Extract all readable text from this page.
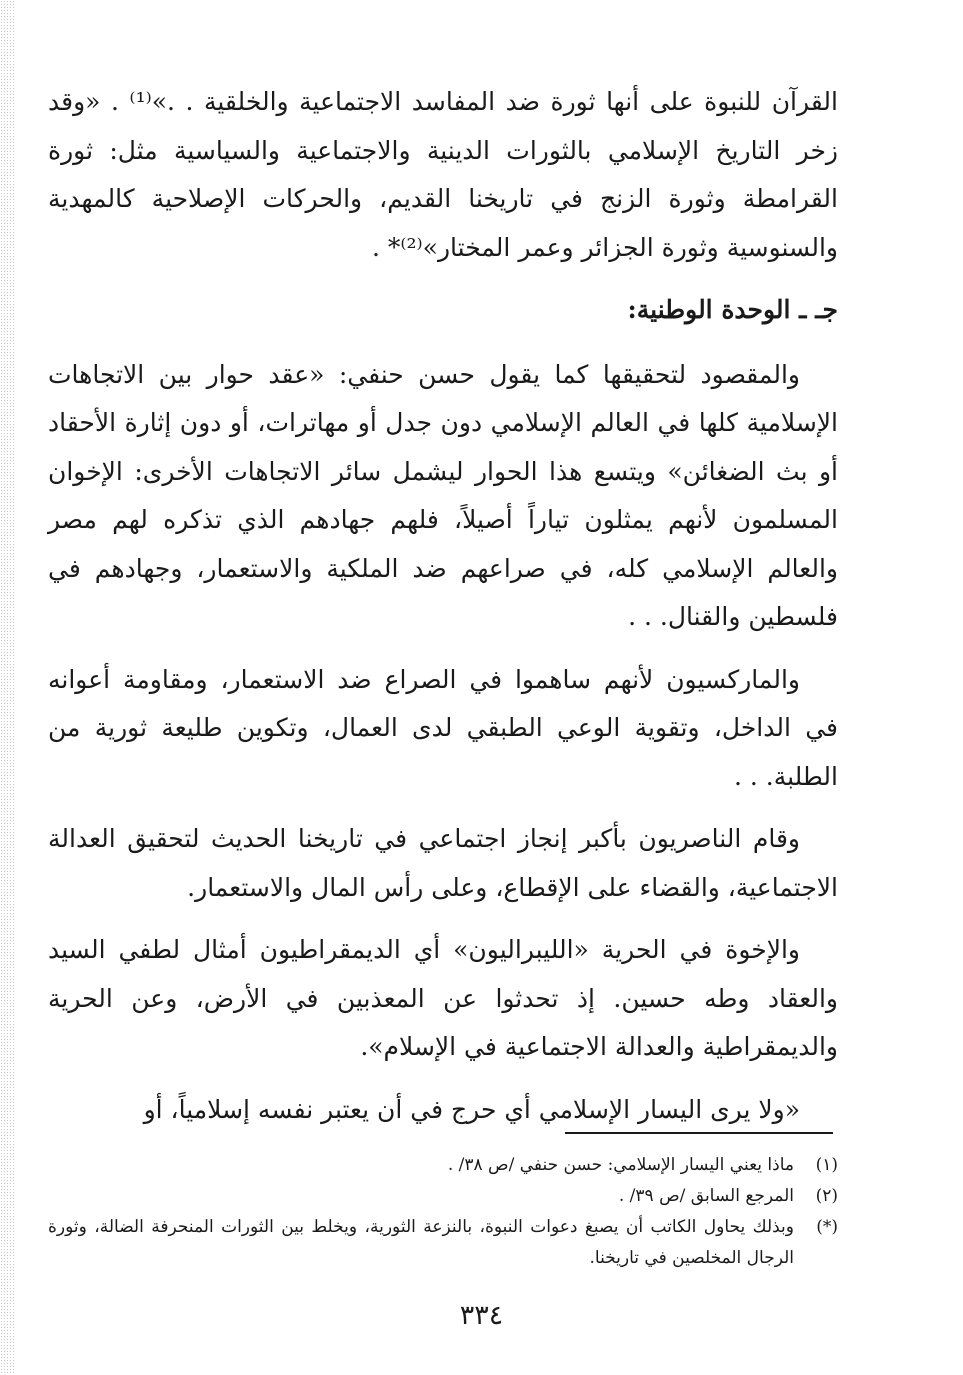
القرآن للنبوة على أنها ثورة ضد المفاسد الاجتماعية والخلقية . .»⁽¹⁾ . «وقد زخر التاريخ الإسلامي بالثورات الدينية والاجتماعية والسياسية مثل: ثورة القرامطة وثورة الزنج في تاريخنا القديم، والحركات الإصلاحية كالمهدية والسنوسية وثورة الجزائر وعمر المختار»⁽²⁾* .

جـ ـ الوحدة الوطنية:

والمقصود لتحقيقها كما يقول حسن حنفي: «عقد حوار بين الاتجاهات الإسلامية كلها في العالم الإسلامي دون جدل أو مهاترات، أو دون إثارة الأحقاد أو بث الضغائن» ويتسع هذا الحوار ليشمل سائر الاتجاهات الأخرى: الإخوان المسلمون لأنهم يمثلون تياراً أصيلاً، فلهم جهادهم الذي تذكره لهم مصر والعالم الإسلامي كله، في صراعهم ضد الملكية والاستعمار، وجهادهم في فلسطين والقنال. . .

والماركسيون لأنهم ساهموا في الصراع ضد الاستعمار، ومقاومة أعوانه في الداخل، وتقوية الوعي الطبقي لدى العمال، وتكوين طليعة ثورية من الطلبة. . .

وقام الناصريون بأكبر إنجاز اجتماعي في تاريخنا الحديث لتحقيق العدالة الاجتماعية، والقضاء على الإقطاع، وعلى رأس المال والاستعمار.

والإخوة في الحرية «الليبراليون» أي الديمقراطيون أمثال لطفي السيد والعقاد وطه حسين. إذ تحدثوا عن المعذبين في الأرض، وعن الحرية والديمقراطية والعدالة الاجتماعية في الإسلام».

«ولا يرى اليسار الإسلامي أي حرج في أن يعتبر نفسه إسلامياً، أو

(١)
ماذا يعني اليسار الإسلامي: حسن حنفي /ص ٣٨/ .
(٢)
المرجع السابق /ص ٣٩/ .
(*)
وبذلك يحاول الكاتب أن يصبغ دعوات النبوة، بالنزعة الثورية، ويخلط بين الثورات المنحرفة الضالة، وثورة الرجال المخلصين في تاريخنا.
٣٣٤
